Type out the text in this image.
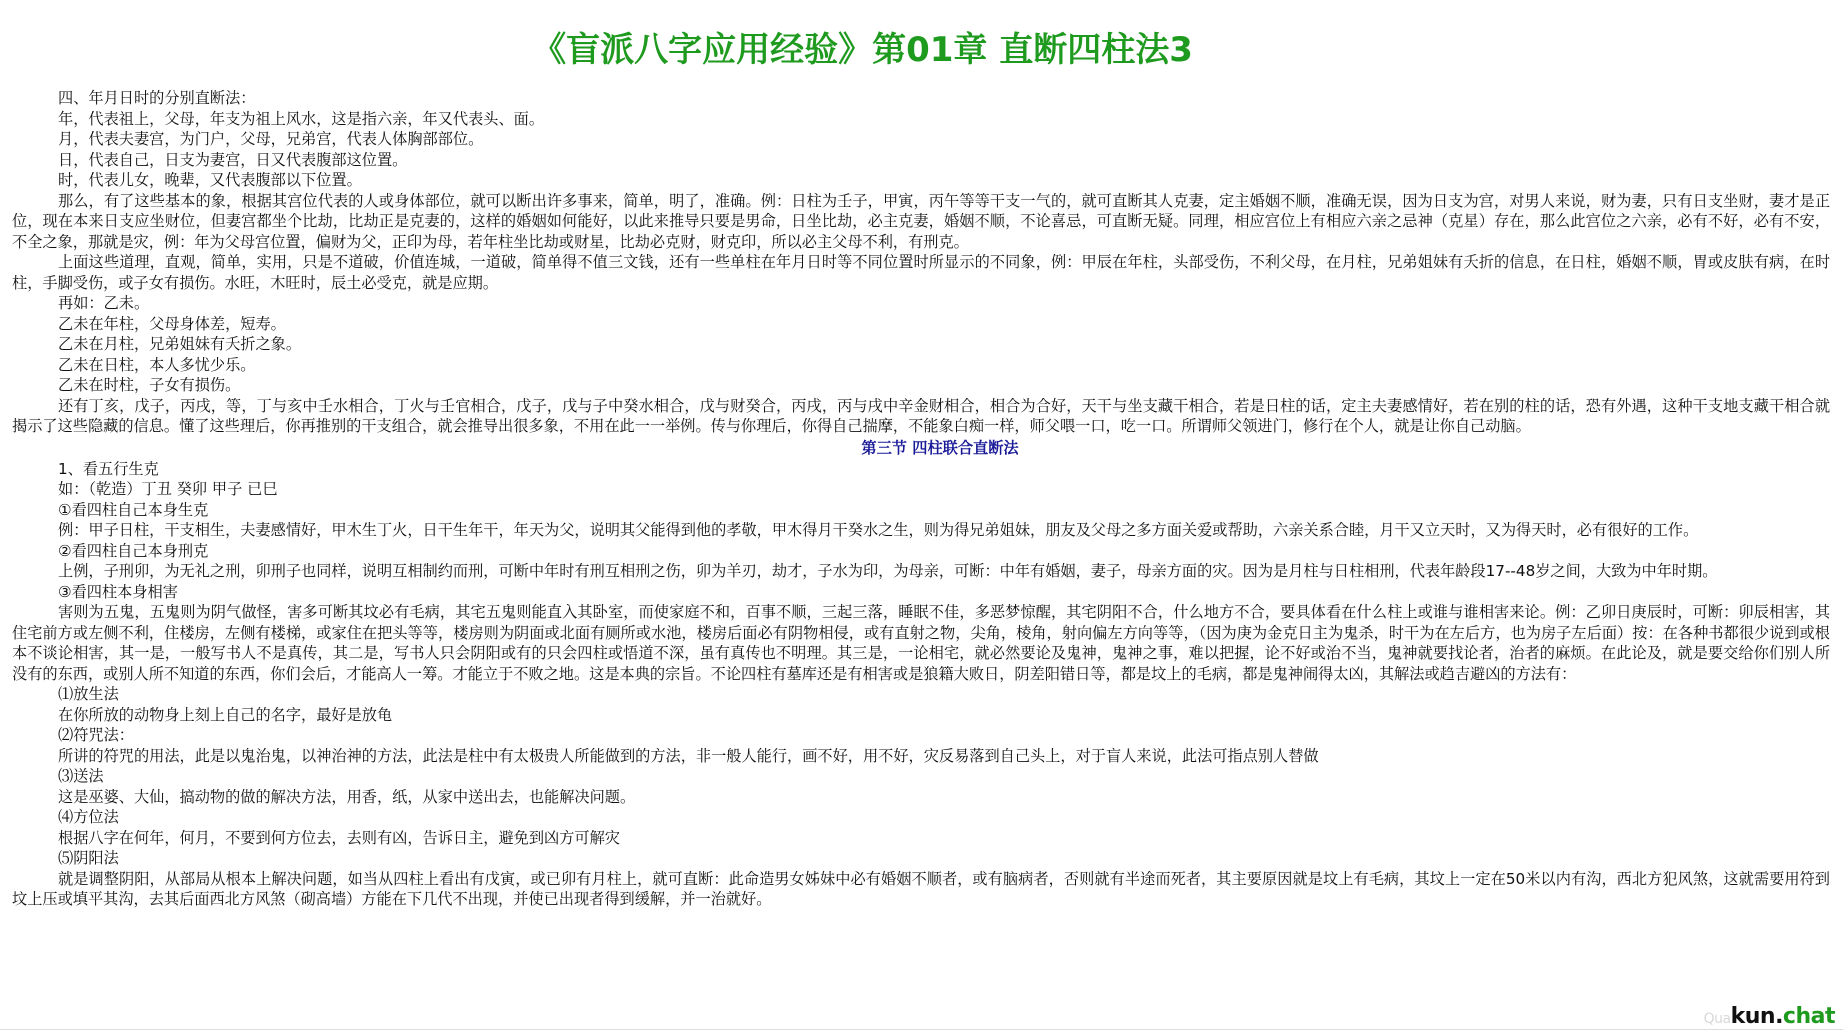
《盲派八字应用经验》第01章 直断四柱法3

四、年月日时的分别直断法：

年，代表祖上，父母，年支为祖上风水，这是指六亲，年又代表头、面。

月，代表夫妻宫，为门户，父母，兄弟宫，代表人体胸部部位。

日，代表自己，日支为妻宫，日又代表腹部这位置。

时，代表儿女，晚辈，又代表腹部以下位置。

那么，有了这些基本的象，根据其宫位代表的人或身体部位，就可以断出许多事来，简单，明了，准确。例：日柱为壬子，甲寅，丙午等等干支一气的，就可直断其人克妻，定主婚姻不顺，准确无误，因为日支为宫，对男人来说，财为妻，只有日支坐财，妻才是正位，现在本来日支应坐财位，但妻宫都坐个比劫，比劫正是克妻的，这样的婚姻如何能好，以此来推导只要是男命，日坐比劫，必主克妻，婚姻不顺，不论喜忌，可直断无疑。同理，相应宫位上有相应六亲之忌神（克星）存在，那么此宫位之六亲，必有不好，必有不安，不全之象，那就是灾，例：年为父母宫位置，偏财为父，正印为母，若年柱坐比劫或财星，比劫必克财，财克印，所以必主父母不利，有刑克。

上面这些道理，直观，简单，实用，只是不道破，价值连城，一道破，简单得不值三文钱，还有一些单柱在年月日时等不同位置时所显示的不同象，例：甲辰在年柱，头部受伤，不利父母，在月柱，兄弟姐妹有夭折的信息，在日柱，婚姻不顺，胃或皮肤有病，在时柱，手脚受伤，或子女有损伤。水旺，木旺时，辰土必受克，就是应期。

再如：乙未。

乙未在年柱，父母身体差，短寿。

乙未在月柱，兄弟姐妹有夭折之象。

乙未在日柱，本人多忧少乐。

乙未在时柱，子女有损伤。

还有丁亥，戊子，丙戌，等，丁与亥中壬水相合，丁火与壬官相合，戊子，戊与子中癸水相合，戊与财癸合，丙戌，丙与戌中辛金财相合，相合为合好，天干与坐支藏干相合，若是日柱的话，定主夫妻感情好，若在别的柱的话，恐有外遇，这种干支地支藏干相合就揭示了这些隐藏的信息。懂了这些理后，你再推别的干支组合，就会推导出很多象，不用在此一一举例。传与你理后，你得自己揣摩，不能象白痴一样，师父喂一口，吃一口。所谓师父领进门，修行在个人，就是让你自己动脑。

第三节 四柱联合直断法

1、看五行生克

如：（乾造）丁丑 癸卯 甲子 已巳

①看四柱自己本身生克

例：甲子日柱，干支相生，夫妻感情好，甲木生丁火，日干生年干，年天为父，说明其父能得到他的孝敬，甲木得月干癸水之生，则为得兄弟姐妹，朋友及父母之多方面关爱或帮助，六亲关系合睦，月干又立天时，又为得天时，必有很好的工作。

②看四柱自己本身刑克

上例，子刑卯，为无礼之刑，卯刑子也同样，说明互相制约而刑，可断中年时有刑互相刑之伤，卯为羊刃，劫才，子水为印，为母亲，可断：中年有婚姻，妻子，母亲方面的灾。因为是月柱与日柱相刑，代表年龄段17--48岁之间，大致为中年时期。

③看四柱本身相害

害则为五鬼，五鬼则为阴气做怪，害多可断其坟必有毛病，其宅五鬼则能直入其卧室，而使家庭不和，百事不顺，三起三落，睡眠不佳，多恶梦惊醒，其宅阴阳不合，什么地方不合，要具体看在什么柱上或谁与谁相害来论。例：乙卯日庚辰时，可断：卯辰相害，其住宅前方或左侧不利，住楼房，左侧有楼梯，或家住在把头等等，楼房则为阴面或北面有厕所或水池，楼房后面必有阴物相侵，或有直射之物，尖角，棱角，射向偏左方向等等，（因为庚为金克日主为鬼杀，时干为在左后方，也为房子左后面）按：在各种书都很少说到或根本不谈论相害，其一是，一般写书人不是真传，其二是，写书人只会阴阳或有的只会四柱或悟道不深，虽有真传也不明理。其三是，一论相宅，就必然要论及鬼神，鬼神之事，难以把握，论不好或治不当，鬼神就要找论者，治者的麻烦。在此论及，就是要交给你们别人所没有的东西，或别人所不知道的东西，你们会后，才能高人一筹。才能立于不败之地。这是本典的宗旨。不论四柱有墓库还是有相害或是狼籍大败日，阴差阳错日等，都是坟上的毛病，都是鬼神闹得太凶，其解法或趋吉避凶的方法有：

⑴放生法

在你所放的动物身上刻上自己的名字，最好是放龟

⑵符咒法：

所讲的符咒的用法，此是以鬼治鬼，以神治神的方法，此法是柱中有太极贵人所能做到的方法，非一般人能行，画不好，用不好，灾反易落到自己头上，对于盲人来说，此法可指点别人替做

⑶送法

这是巫婆、大仙，搞动物的做的解决方法，用香，纸，从家中送出去，也能解决问题。

⑷方位法

根据八字在何年，何月，不要到何方位去，去则有凶，告诉日主，避免到凶方可解灾

⑸阴阳法

就是调整阴阳，从部局从根本上解决问题，如当从四柱上看出有戊寅，或已卯有月柱上，就可直断：此命造男女姊妹中必有婚姻不顺者，或有脑病者，否则就有半途而死者，其主要原因就是坟上有毛病，其坟上一定在50米以内有沟，西北方犯风煞，这就需要用符到坟上压或填平其沟，去其后面西北方风煞（砌高墙）方能在下几代不出现，并使已出现者得到缓解，并一治就好。

Quakun.chat
